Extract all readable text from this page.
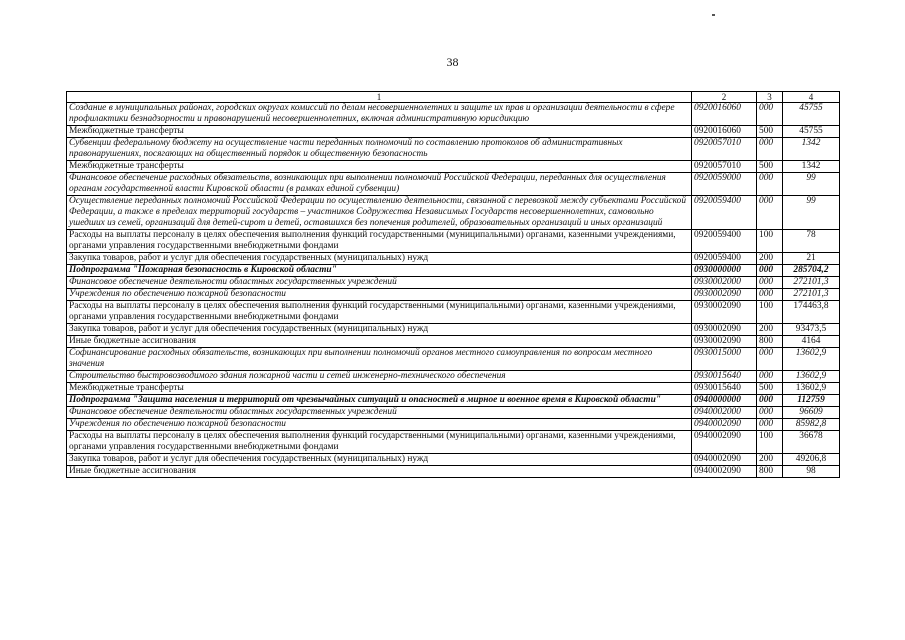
38
1	2	3	4
Создание в муниципальных районах, городских округах комиссий по делам несовершеннолетних и защите их прав и организации деятельности в сфере профилактики безнадзорности и правонарушений несовершеннолетних, включая административную юрисдикцию	0920016060	000	45755
Межбюджетные трансферты	0920016060	500	45755
Субвенции федеральному бюджету на осуществление части переданных полномочий по составлению протоколов об административных правонарушениях, посягающих на общественный порядок и общественную безопасность	0920057010	000	1342
Межбюджетные трансферты	0920057010	500	1342
Финансовое обеспечение расходных обязательств, возникающих при выполнении полномочий Российской Федерации, переданных для осуществления органам государственной власти Кировской области (в рамках единой субвенции)	0920059000	000	99
Осуществление переданных полномочий Российской Федерации по осуществлению деятельности, связанной с перевозкой между субъектами Российской Федерации, а также в пределах территорий государств – участников Содружества Независимых Государств несовершеннолетних, самовольно ушедших из семей, организаций для детей-сирот и детей, оставшихся без попечения родителей, образовательных организаций и иных организаций	0920059400	000	99
Расходы на выплаты персоналу в целях обеспечения выполнения функций государственными (муниципальными) органами, казенными учреждениями, органами управления государственными внебюджетными фондами	0920059400	100	78
Закупка товаров, работ и услуг для обеспечения государственных (муниципальных) нужд	0920059400	200	21
Подпрограмма "Пожарная безопасность в Кировской области"	0930000000	000	285704,2
Финансовое обеспечение деятельности областных государственных учреждений	0930002000	000	272101,3
Учреждения по обеспечению пожарной безопасности	0930002090	000	272101,3
Расходы на выплаты персоналу в целях обеспечения выполнения функций государственными (муниципальными) органами, казенными учреждениями, органами управления государственными внебюджетными фондами	0930002090	100	174463,8
Закупка товаров, работ и услуг для обеспечения государственных (муниципальных) нужд	0930002090	200	93473,5
Иные бюджетные ассигнования	0930002090	800	4164
Софинансирование расходных обязательств, возникающих при выполнении полномочий органов местного самоуправления по вопросам местного значения	0930015000	000	13602,9
Строительство быстровозводимого здания пожарной части и сетей инженерно-технического обеспечения	0930015640	000	13602,9
Межбюджетные трансферты	0930015640	500	13602,9
Подпрограмма "Защита населения и территорий от чрезвычайных ситуаций и опасностей в мирное и военное время в Кировской области"	0940000000	000	112759
Финансовое обеспечение деятельности областных государственных учреждений	0940002000	000	96609
Учреждения по обеспечению пожарной безопасности	0940002090	000	85982,8
Расходы на выплаты персоналу в целях обеспечения выполнения функций государственными (муниципальными) органами, казенными учреждениями, органами управления государственными внебюджетными фондами	0940002090	100	36678
Закупка товаров, работ и услуг для обеспечения государственных (муниципальных) нужд	0940002090	200	49206,8
Иные бюджетные ассигнования	0940002090	800	98
